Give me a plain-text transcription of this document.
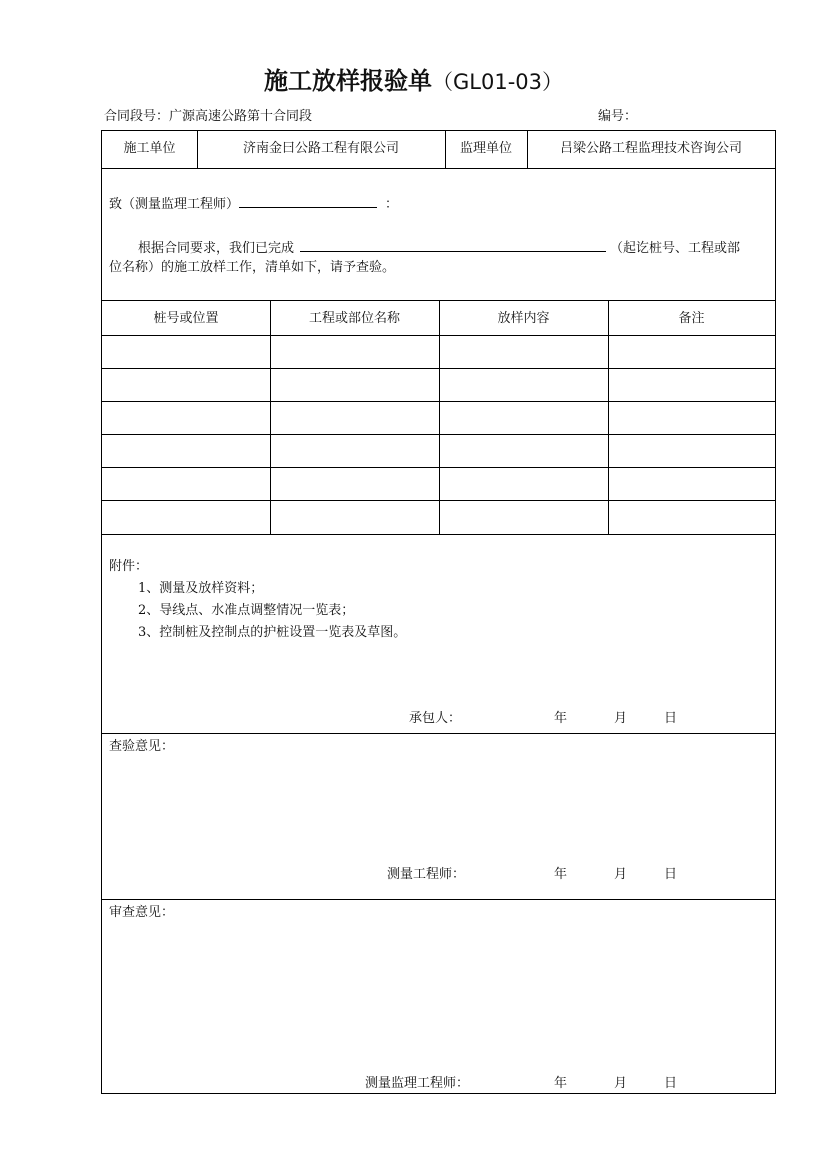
施工放样报验单（GL01-03）
合同段号：广源高速公路第十合同段	编号：
施工单位	济南金曰公路工程有限公司	监理单位	吕梁公路工程监理技术咨询公司
致（测量监理工程师）	：
根据合同要求，我们已完成	（起讫桩号、工程或部
位名称）的施工放样工作，清单如下，请予查验。
桩号或位置	工程或部位名称	放样内容	备注
附件：
1、测量及放样资料；
2、导线点、水准点调整情况一览表；
3、控制桩及控制点的护桩设置一览表及草图。
承包人：	年	月	日
查验意见：
测量工程师：	年	月	日
审查意见：
测量监理工程师：	年	月	日
